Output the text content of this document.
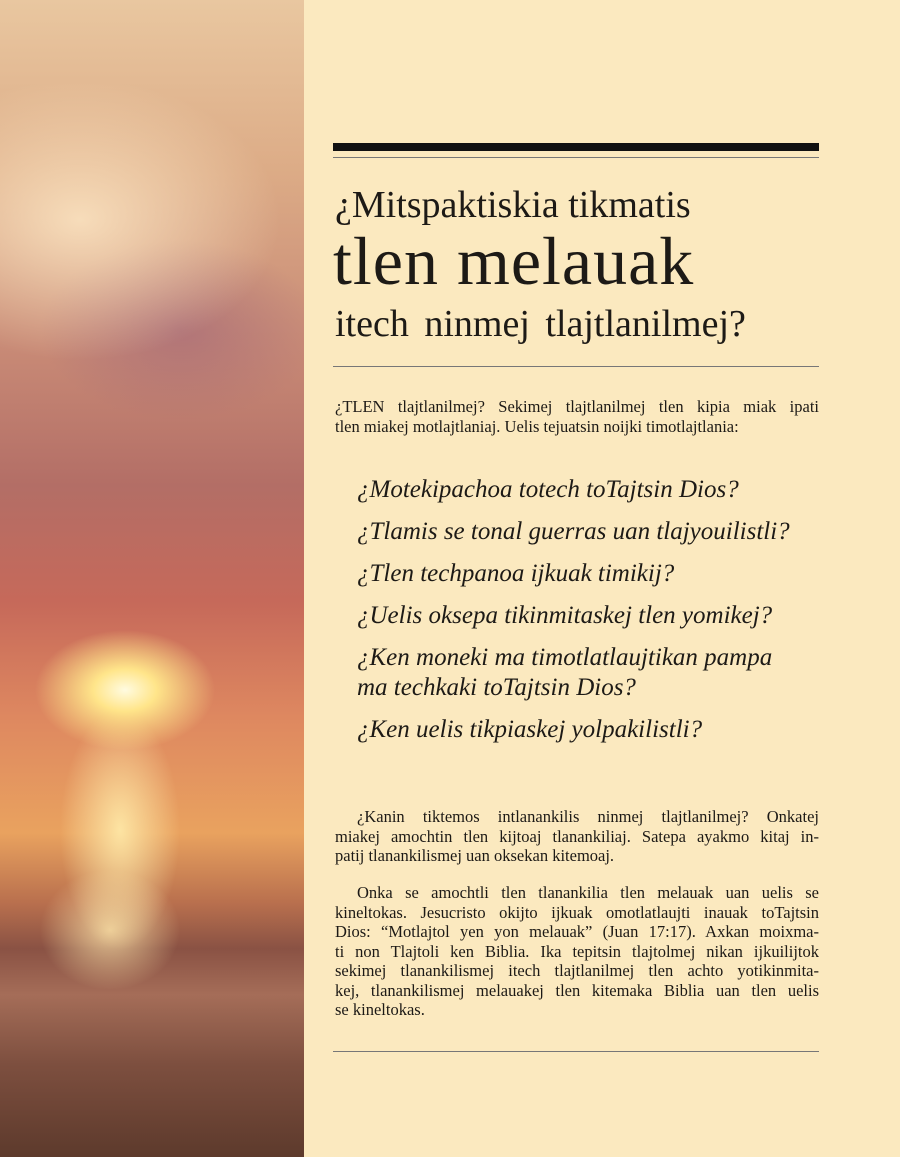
¿Mitspaktiskia tikmatis
tlen melauak
itech ninmej tlajtlanilmej?
¿TLEN tlajtlanilmej? Sekimej tlajtlanilmej tlen kipia miak ipati
tlen miakej motlajtlaniaj. Uelis tejuatsin noijki timotlajtlania:
¿Motekipachoa totech toTajtsin Dios?
¿Tlamis se tonal guerras uan tlajyouilistli?
¿Tlen techpanoa ijkuak timikij?
¿Uelis oksepa tikinmitaskej tlen yomikej?
¿Ken moneki ma timotlatlaujtikan pampa
ma techkaki toTajtsin Dios?
¿Ken uelis tikpiaskej yolpakilistli?
¿Kanin tiktemos intlanankilis ninmej tlajtlanilmej? Onkatej
miakej amochtin tlen kijtoaj tlanankiliaj. Satepa ayakmo kitaj in-
patij tlanankilismej uan oksekan kitemoaj.
Onka se amochtli tlen tlanankilia tlen melauak uan uelis se
kineltokas. Jesucristo okijto ijkuak omotlatlaujti inauak toTajtsin
Dios: “Motlajtol yen yon melauak” (Juan 17:17). Axkan moixma-
ti non Tlajtoli ken Biblia. Ika tepitsin tlajtolmej nikan ijkuilijtok
sekimej tlanankilismej itech tlajtlanilmej tlen achto yotikinmita-
kej, tlanankilismej melauakej tlen kitemaka Biblia uan tlen uelis
se kineltokas.
